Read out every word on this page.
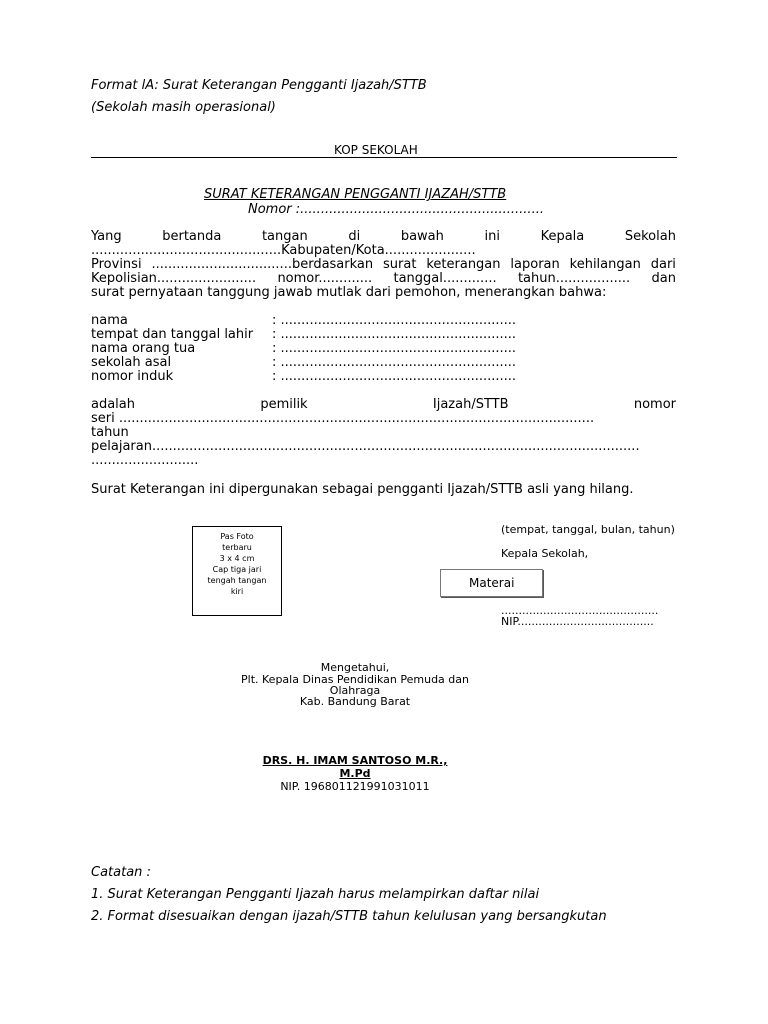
Format lA: Surat Keterangan Pengganti Ijazah/STTB
(Sekolah masih operasional)
KOP SEKOLAH
SURAT KETERANGAN PENGGANTI IJAZAH/STTB
Nomor :...........................................................
Yang	bertanda	tangan	di	bawah	ini	Kepala	Sekolah
..............................................Kabupaten/Kota......................
Provinsi ..................................berdasarkan surat keterangan laporan kehilangan dari
Kepolisian........................ nomor............. tanggal............. tahun.................. dan
surat pernyataan tanggung jawab mutlak dari pemohon, menerangkan bahwa:
nama	: .........................................................
tempat dan tanggal lahir : .........................................................
nama orang tua	: .........................................................
sekolah asal	: .........................................................
nomor induk	: .........................................................
adalah	pemilik	Ijazah/STTB	nomor
seri ...................................................................................................................
tahun
pelajaran......................................................................................................................
..........................
Surat Keterangan ini dipergunakan sebagai pengganti Ijazah/STTB asli yang hilang.
Pas Foto
terbaru
3 x 4 cm
Cap tiga jari
tengah tangan
kiri
(tempat, tanggal, bulan, tahun)
Kepala Sekolah,
Materai
.............................................
NIP.......................................
Mengetahui,
Plt. Kepala Dinas Pendidikan Pemuda dan
Olahraga
Kab. Bandung Barat
DRS. H. IMAM SANTOSO M.R.,
M.Pd
NIP. 196801121991031011
Catatan :
1. Surat Keterangan Pengganti Ijazah harus melampirkan daftar nilai
2. Format disesuaikan dengan ijazah/STTB tahun kelulusan yang bersangkutan
